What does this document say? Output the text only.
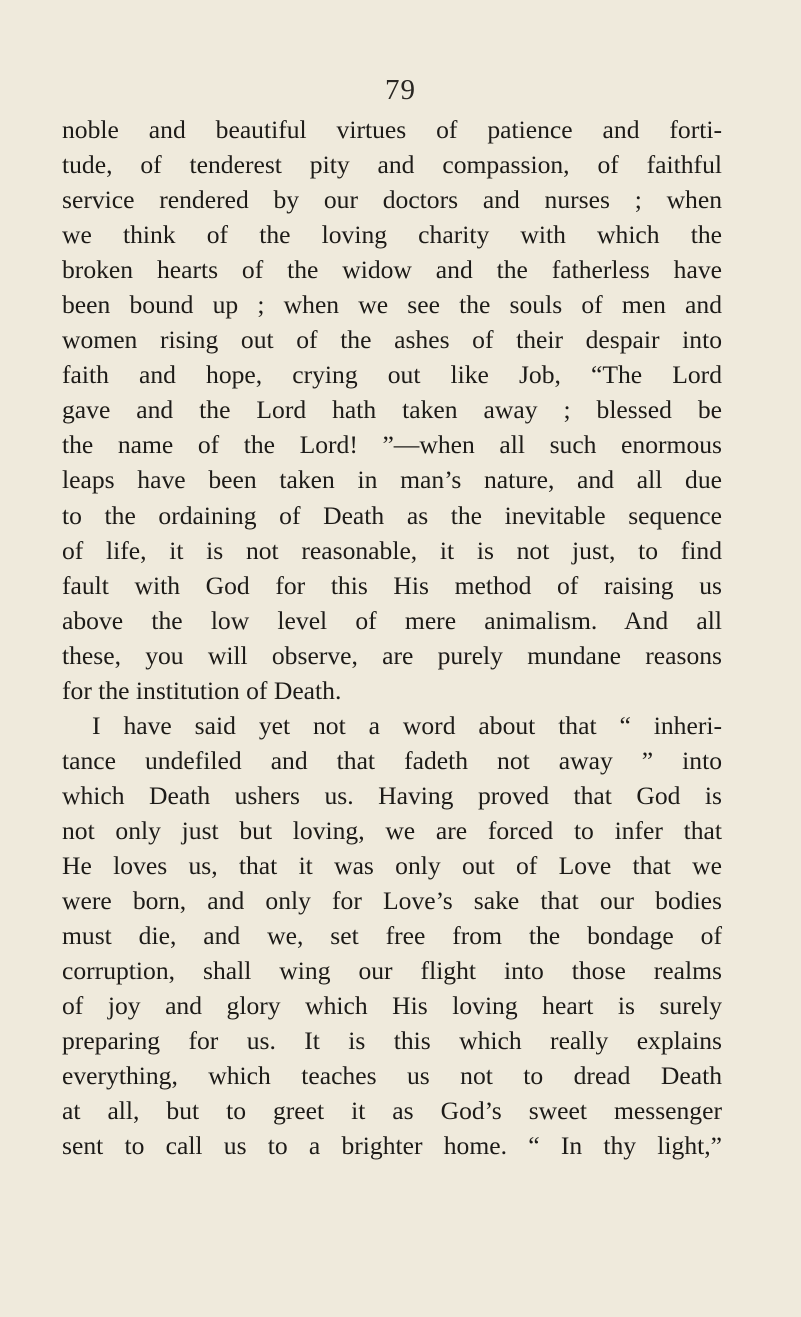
79
noble and beautiful virtues of patience and forti-
tude, of tenderest pity and compassion, of faithful
service rendered by our doctors and nurses ; when
we think of the loving charity with which the
broken hearts of the widow and the fatherless have
been bound up ; when we see the souls of men and
women rising out of the ashes of their despair into
faith and hope, crying out like Job, “The Lord
gave and the Lord hath taken away ; blessed be
the name of the Lord! ”—when all such enormous
leaps have been taken in man’s nature, and all due
to the ordaining of Death as the inevitable sequence
of life, it is not reasonable, it is not just, to find
fault with God for this His method of raising us
above the low level of mere animalism. And all
these, you will observe, are purely mundane reasons
for the institution of Death.
I have said yet not a word about that “ inheri-
tance undefiled and that fadeth not away ” into
which Death ushers us. Having proved that God is
not only just but loving, we are forced to infer that
He loves us, that it was only out of Love that we
were born, and only for Love’s sake that our bodies
must die, and we, set free from the bondage of
corruption, shall wing our flight into those realms
of joy and glory which His loving heart is surely
preparing for us. It is this which really explains
everything, which teaches us not to dread Death
at all, but to greet it as God’s sweet messenger
sent to call us to a brighter home. “ In thy light,”
